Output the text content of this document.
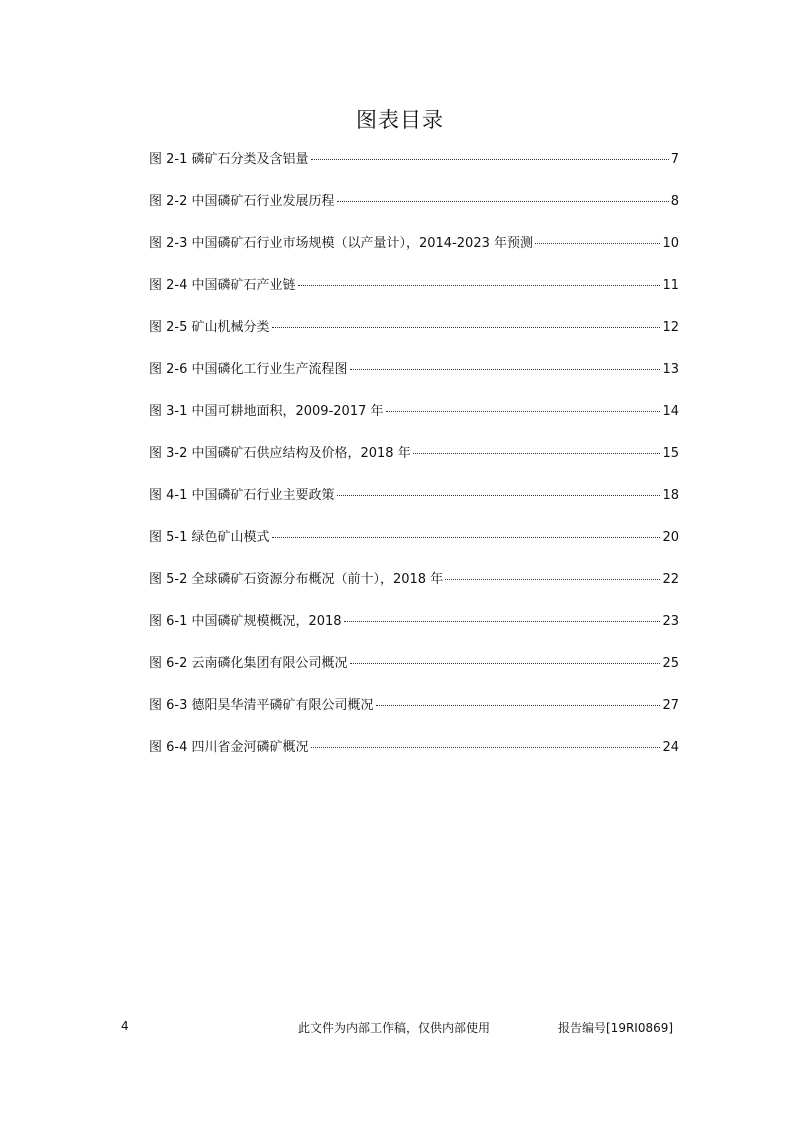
图表目录
图 2-1 磷矿石分类及含铝量	7
图 2-2 中国磷矿石行业发展历程	8
图 2-3 中国磷矿石行业市场规模（以产量计），2014-2023 年预测	10
图 2-4 中国磷矿石产业链	11
图 2-5 矿山机械分类	12
图 2-6 中国磷化工行业生产流程图	13
图 3-1 中国可耕地面积，2009-2017 年	14
图 3-2 中国磷矿石供应结构及价格，2018 年	15
图 4-1 中国磷矿石行业主要政策	18
图 5-1 绿色矿山模式	20
图 5-2 全球磷矿石资源分布概况（前十），2018 年	22
图 6-1 中国磷矿规模概况，2018	23
图 6-2 云南磷化集团有限公司概况	25
图 6-3 德阳昊华清平磷矿有限公司概况	27
图 6-4 四川省金河磷矿概况	24
4	此文件为内部工作稿，仅供内部使用	报告编号[19RI0869]
